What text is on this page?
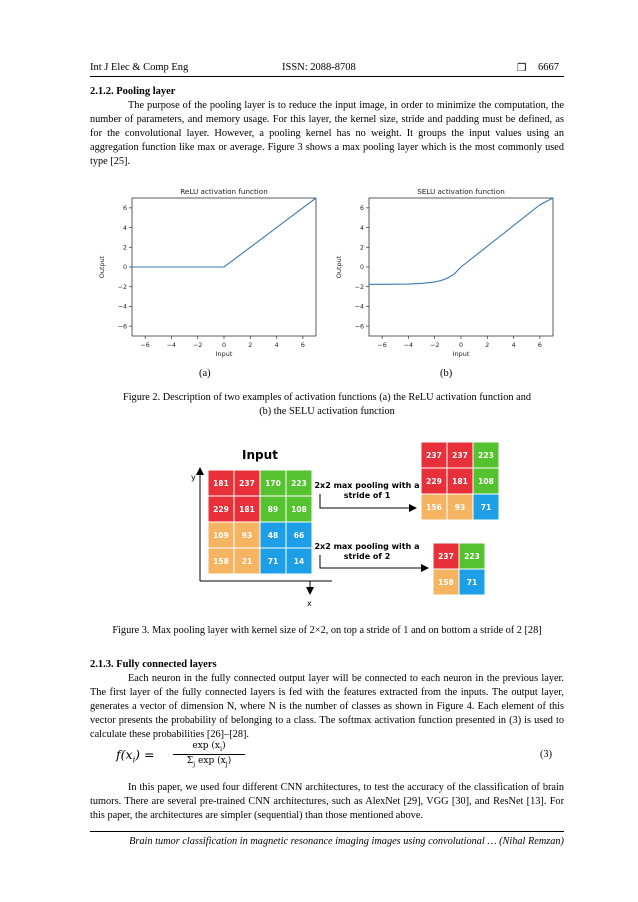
Int J Elec & Comp Eng	ISSN: 2088-8708	❒ 6667
2.1.2. Pooling layer
The purpose of the pooling layer is to reduce the input image, in order to minimize the computation, the number of parameters, and memory usage. For this layer, the kernel size, stride and padding must be defined, as for the convolutional layer. However, a pooling kernel has no weight. It groups the input values using an aggregation function like max or average. Figure 3 shows a max pooling layer which is the most commonly used type [25].
ReLU activation function
−6	−4	−2	0	2	4	6
−6
−4
−2
0
2
4
6
Input
Output
SELU activation function
−6	−4	−2	0	2	4	6
−6
−4
−2
0
2
4
6
Input
Output
(a)	(b)
Figure 2. Description of two examples of activation functions (a) the ReLU activation function and
(b) the SELU activation function
y
x
Input
181 237 170 223
229 181 89 108
109 93 48 66
158 21 71 14
2x2 max pooling with a
stride of 1
2x2 max pooling with a
stride of 2
237 237 223
229 181 108
156 93 71
237 223
158 71
Figure 3. Max pooling layer with kernel size of 2×2, on top a stride of 1 and on bottom a stride of 2 [28]
2.1.3. Fully connected layers
Each neuron in the fully connected output layer will be connected to each neuron in the previous layer. The first layer of the fully connected layers is fed with the features extracted from the inputs. The output layer, generates a vector of dimension N, where N is the number of classes as shown in Figure 4. Each element of this vector presents the probability of belonging to a class. The softmax activation function presented in (3) is used to calculate these probabilities [26]–[28].
$f(x_i) = \frac{\exp (x_i)}{\Sigma_j \exp (x_j)}$	(3)
In this paper, we used four different CNN architectures, to test the accuracy of the classification of brain tumors. There are several pre-trained CNN architectures, such as AlexNet [29], VGG [30], and ResNet [13]. For this paper, the architectures are simpler (sequential) than those mentioned above.
Brain tumor classification in magnetic resonance imaging images using convolutional … (Nihal Remzan)
